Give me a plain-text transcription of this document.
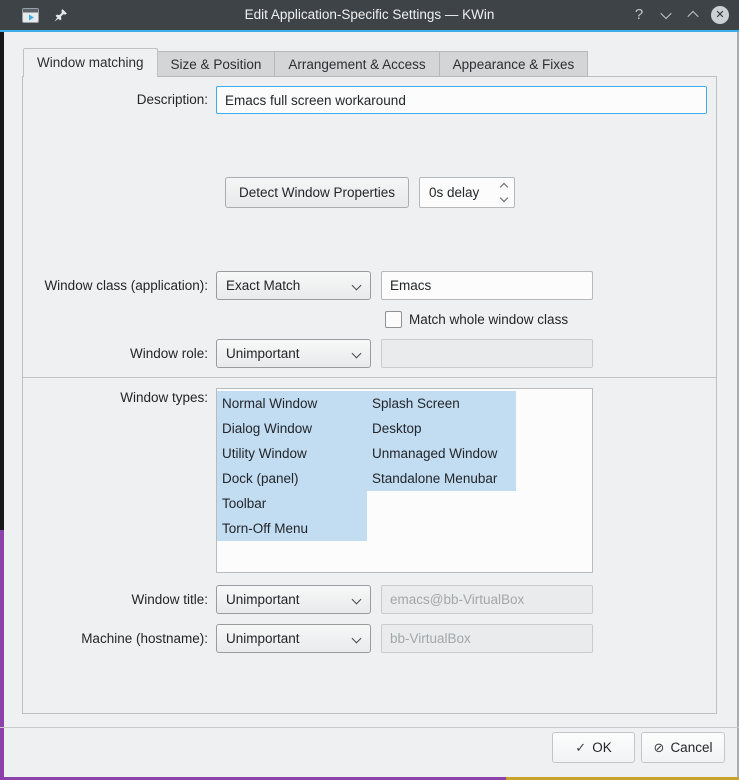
Edit Application-Specific Settings — KWin	?	✕
Window matching	Size & Position	Arrangement & Access	Appearance & Fixes
Description:
Emacs full screen workaround
Detect Window Properties	0s delay
Window class (application): Exact Match
Emacs
Match whole window class
Window role: Unimportant
Window types:	Normal Window
Dialog Window
Utility Window
Dock (panel)
Toolbar
Torn-Off Menu
Splash Screen
Desktop
Unmanaged Window
Standalone Menubar
Window title: Unimportant
emacs@bb-VirtualBox
Machine (hostname): Unimportant
bb-VirtualBox
✓ OK	⊘ Cancel
